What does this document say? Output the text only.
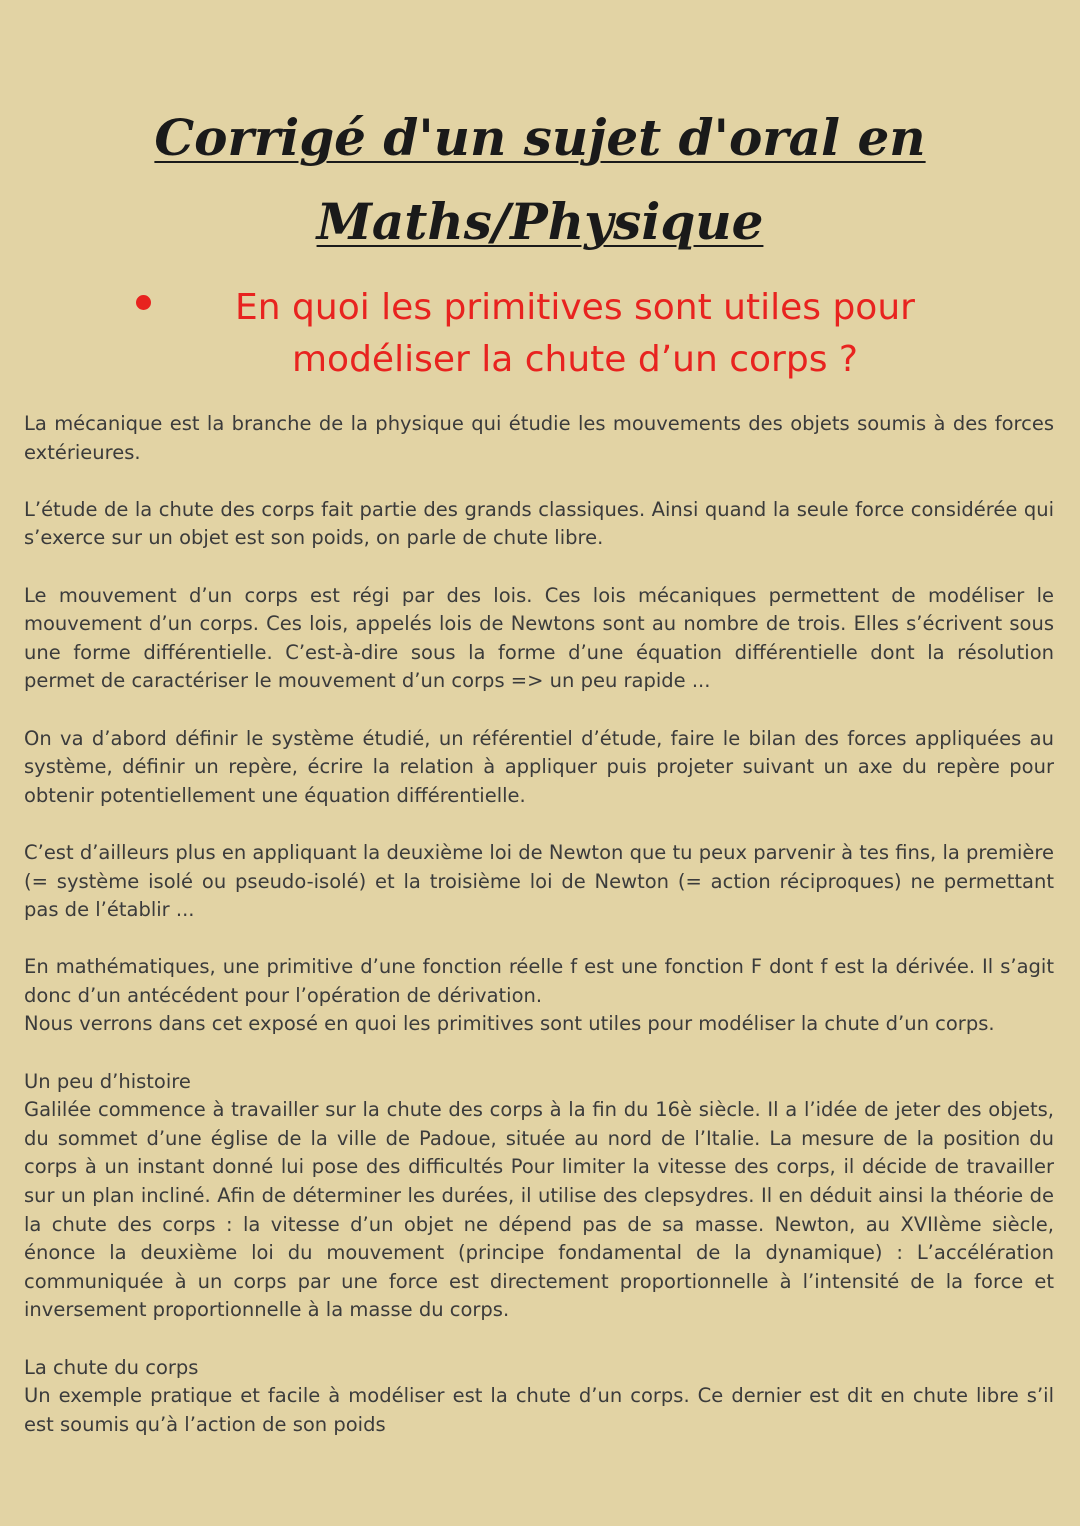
Corrigé d'un sujet d'oral en
Maths/Physique

En quoi les primitives sont utiles pour modéliser la chute d’un corps ?

La mécanique est la branche de la physique qui étudie les mouvements des objets soumis à des forces extérieures.

L’étude de la chute des corps fait partie des grands classiques. Ainsi quand la seule force considérée qui s’exerce sur un objet est son poids, on parle de chute libre.

Le mouvement d’un corps est régi par des lois. Ces lois mécaniques permettent de modéliser le mouvement d’un corps. Ces lois, appelés lois de Newtons sont au nombre de trois. Elles s’écrivent sous une forme différentielle. C’est-à-dire sous la forme d’une équation différentielle dont la résolution permet de caractériser le mouvement d’un corps => un peu rapide ...

On va d’abord définir le système étudié, un référentiel d’étude, faire le bilan des forces appliquées au système, définir un repère, écrire la relation à appliquer puis projeter suivant un axe du repère pour obtenir potentiellement une équation différentielle.

C’est d’ailleurs plus en appliquant la deuxième loi de Newton que tu peux parvenir à tes fins, la première (= système isolé ou pseudo-isolé) et la troisième loi de Newton (= action réciproques) ne permettant pas de l’établir ...

En mathématiques, une primitive d’une fonction réelle f est une fonction F dont f est la dérivée. Il s’agit donc d’un antécédent pour l’opération de dérivation.

Nous verrons dans cet exposé en quoi les primitives sont utiles pour modéliser la chute d’un corps.

Un peu d’histoire
Galilée commence à travailler sur la chute des corps à la fin du 16è siècle. Il a l’idée de jeter des objets, du sommet d’une église de la ville de Padoue, située au nord de l’Italie. La mesure de la position du corps à un instant donné lui pose des difficultés Pour limiter la vitesse des corps, il décide de travailler sur un plan incliné. Afin de déterminer les durées, il utilise des clepsydres. Il en déduit ainsi la théorie de la chute des corps : la vitesse d’un objet ne dépend pas de sa masse. Newton, au XVIIème siècle, énonce la deuxième loi du mouvement (principe fondamental de la dynamique) : L’accélération communiquée à un corps par une force est directement proportionnelle à l’intensité de la force et inversement proportionnelle à la masse du corps.

La chute du corps
Un exemple pratique et facile à modéliser est la chute d’un corps. Ce dernier est dit en chute libre s’il est soumis qu’à l’action de son poids
